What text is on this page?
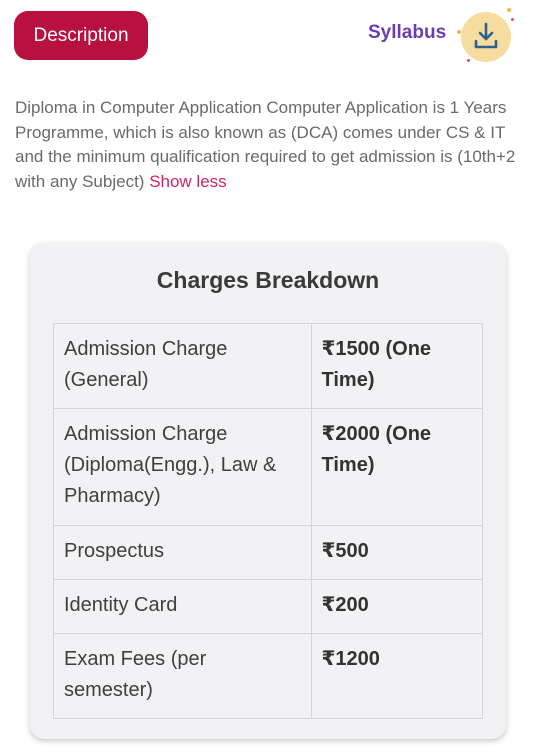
Description	Syllabus
Diploma in Computer Application Computer Application is 1 Years Programme, which is also known as (DCA) comes under CS & IT and the minimum qualification required to get admission is (10th+2 with any Subject) Show less
Charges Breakdown
Admission Charge (General)	₹1500 (One Time)
Admission Charge (Diploma(Engg.), Law & Pharmacy)	₹2000 (One Time)
Prospectus	₹500
Identity Card	₹200
Exam Fees (per semester)	₹1200
